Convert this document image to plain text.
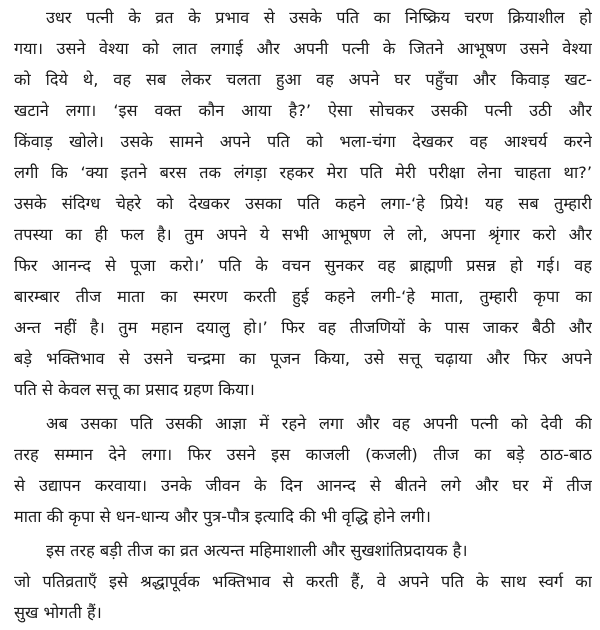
उधर पत्नी के व्रत के प्रभाव से उसके पति का निष्क्रिय चरण क्रियाशील हो
गया। उसने वेश्या को लात लगाई और अपनी पत्नी के जितने आभूषण उसने वेश्या
को दिये थे, वह सब लेकर चलता हुआ वह अपने घर पहुँचा और किवाड़ खट-
खटाने लगा। ‘इस वक्त कौन आया है?’ ऐसा सोचकर उसकी पत्नी उठी और
किंवाड़ खोले। उसके सामने अपने पति को भला-चंगा देखकर वह आश्चर्य करने
लगी कि ‘क्या इतने बरस तक लंगड़ा रहकर मेरा पति मेरी परीक्षा लेना चाहता था?’
उसके संदिग्ध चेहरे को देखकर उसका पति कहने लगा-‘हे प्रिये! यह सब तुम्हारी
तपस्या का ही फल है। तुम अपने ये सभी आभूषण ले लो, अपना श्रृंगार करो और
फिर आनन्द से पूजा करो।’ पति के वचन सुनकर वह ब्राह्मणी प्रसन्न हो गई। वह
बारम्बार तीज माता का स्मरण करती हुई कहने लगी-‘हे माता, तुम्हारी कृपा का
अन्त नहीं है। तुम महान दयालु हो।’ फिर वह तीजणियों के पास जाकर बैठी और
बड़े भक्तिभाव से उसने चन्द्रमा का पूजन किया, उसे सत्तू चढ़ाया और फिर अपने
पति से केवल सत्तू का प्रसाद ग्रहण किया।
अब उसका पति उसकी आज्ञा में रहने लगा और वह अपनी पत्नी को देवी की
तरह सम्मान देने लगा। फिर उसने इस काजली (कजली) तीज का बड़े ठाठ-बाठ
से उद्यापन करवाया। उनके जीवन के दिन आनन्द से बीतने लगे और घर में तीज
माता की कृपा से धन-धान्य और पुत्र-पौत्र इत्यादि की भी वृद्धि होने लगी।
इस तरह बड़ी तीज का व्रत अत्यन्त महिमाशाली और सुखशांतिप्रदायक है।
जो पतिव्रताएँ इसे श्रद्धापूर्वक भक्तिभाव से करती हैं, वे अपने पति के साथ स्वर्ग का
सुख भोगती हैं।
